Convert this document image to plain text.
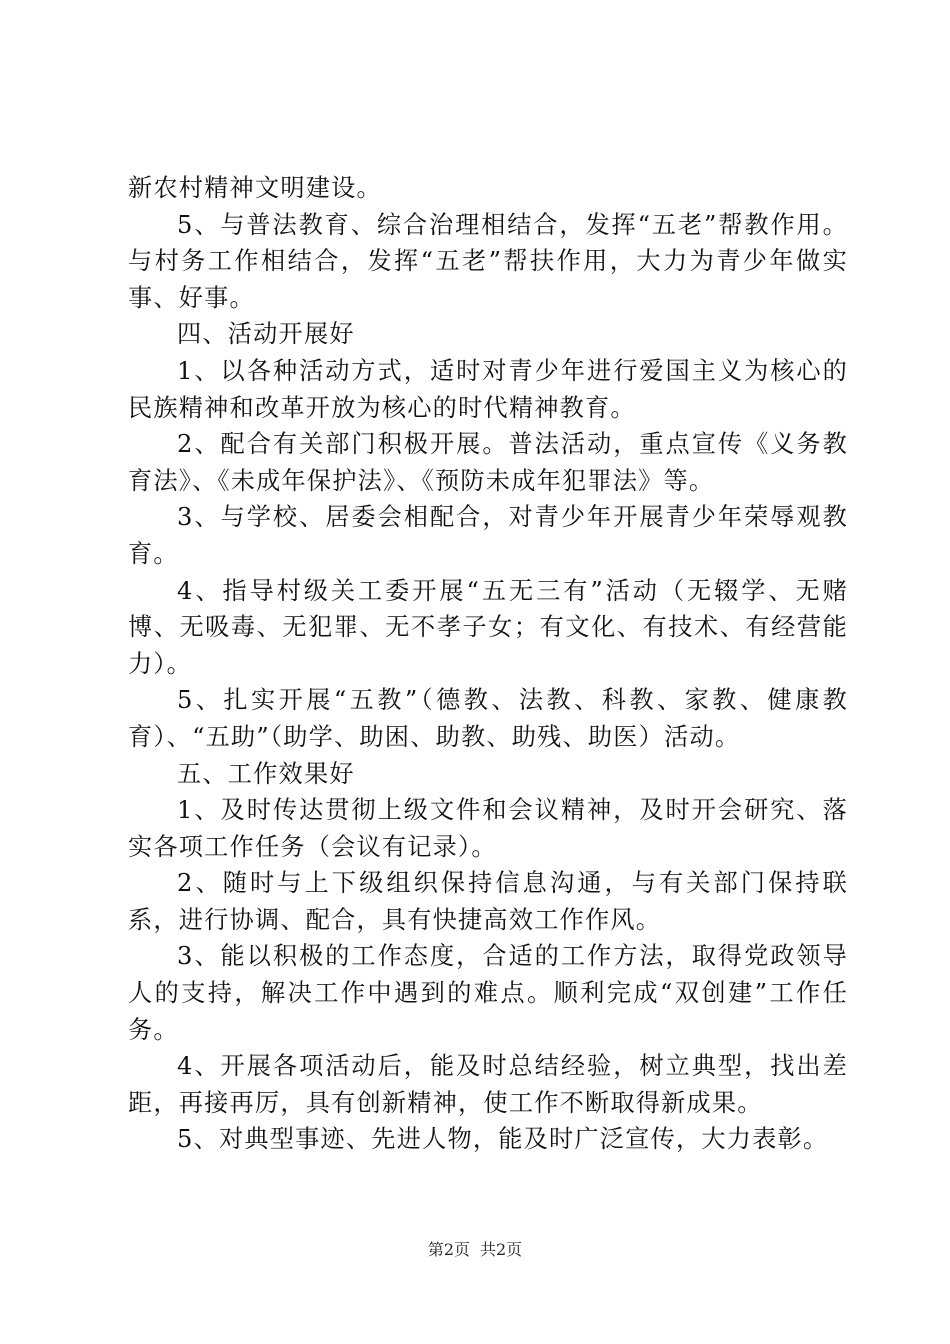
新农村精神文明建设。

5、与普法教育、综合治理相结合，发挥“五老”帮教作用。与村务工作相结合，发挥“五老”帮扶作用，大力为青少年做实事、好事。

四、活动开展好

1、以各种活动方式，适时对青少年进行爱国主义为核心的民族精神和改革开放为核心的时代精神教育。

2、配合有关部门积极开展。普法活动，重点宣传《义务教育法》、《未成年保护法》、《预防未成年犯罪法》等。

3、与学校、居委会相配合，对青少年开展青少年荣辱观教育。

4、指导村级关工委开展“五无三有”活动（无辍学、无赌博、无吸毒、无犯罪、无不孝子女；有文化、有技术、有经营能力）。

5、扎实开展“五教”（德教、法教、科教、家教、健康教育）、“五助”（助学、助困、助教、助残、助医）活动。

五、工作效果好

1、及时传达贯彻上级文件和会议精神，及时开会研究、落实各项工作任务（会议有记录）。

2、随时与上下级组织保持信息沟通，与有关部门保持联系，进行协调、配合，具有快捷高效工作作风。

3、能以积极的工作态度，合适的工作方法，取得党政领导人的支持，解决工作中遇到的难点。顺利完成“双创建”工作任务。

4、开展各项活动后，能及时总结经验，树立典型，找出差距，再接再厉，具有创新精神，使工作不断取得新成果。

5、对典型事迹、先进人物，能及时广泛宣传，大力表彰。

第2页 共2页
